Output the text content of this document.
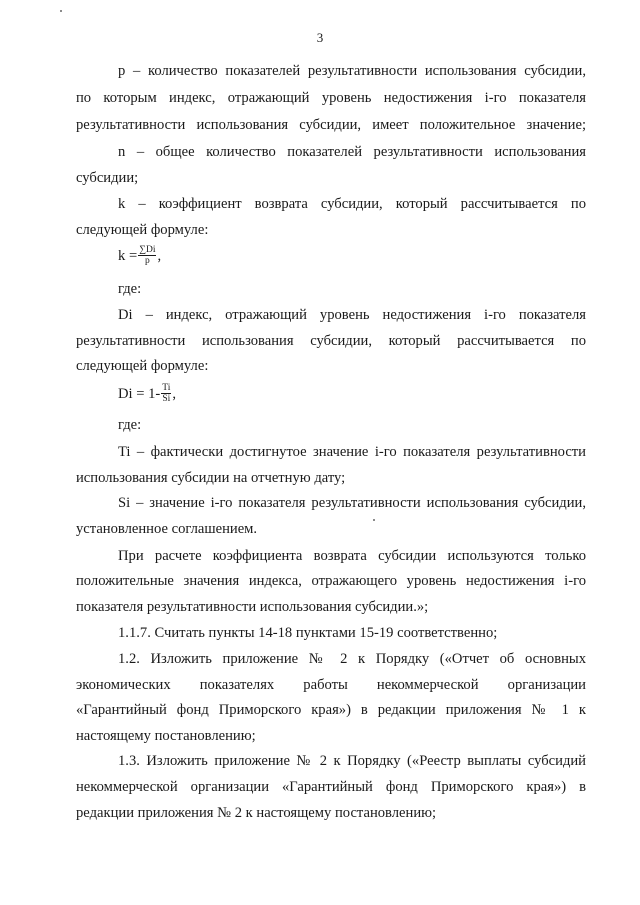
3
p – количество показателей результативности использования субсидии,
по которым индекс, отражающий уровень недостижения i-го показателя
результативности использования субсидии, имеет положительное значение;
n – общее количество показателей результативности использования
субсидии;
k – коэффициент возврата субсидии, который рассчитывается по
следующей формуле:
$k = \frac{\sum Di}{p}$ ,
где:
Di – индекс, отражающий уровень недостижения i-го показателя
результативности использования субсидии, который рассчитывается по
следующей формуле:
$Di = 1- \frac{Ti}{Si}$ ,
где:
Ti – фактически достигнутое значение i-го показателя результативности
использования субсидии на отчетную дату;
Si – значение i-го показателя результативности использования субсидии,
установленное соглашением.
При расчете коэффициента возврата субсидии используются только
положительные значения индекса, отражающего уровень недостижения i-го
показателя результативности использования субсидии.»;
1.1.7. Считать пункты 14-18 пунктами 15-19 соответственно;
1.2. Изложить приложение № 2 к Порядку («Отчет об основных
экономических показателях работы некоммерческой организации
«Гарантийный фонд Приморского края») в редакции приложения № 1 к
настоящему постановлению;
1.3. Изложить приложение № 2 к Порядку («Реестр выплаты субсидий
некоммерческой организации «Гарантийный фонд Приморского края») в
редакции приложения № 2 к настоящему постановлению;
